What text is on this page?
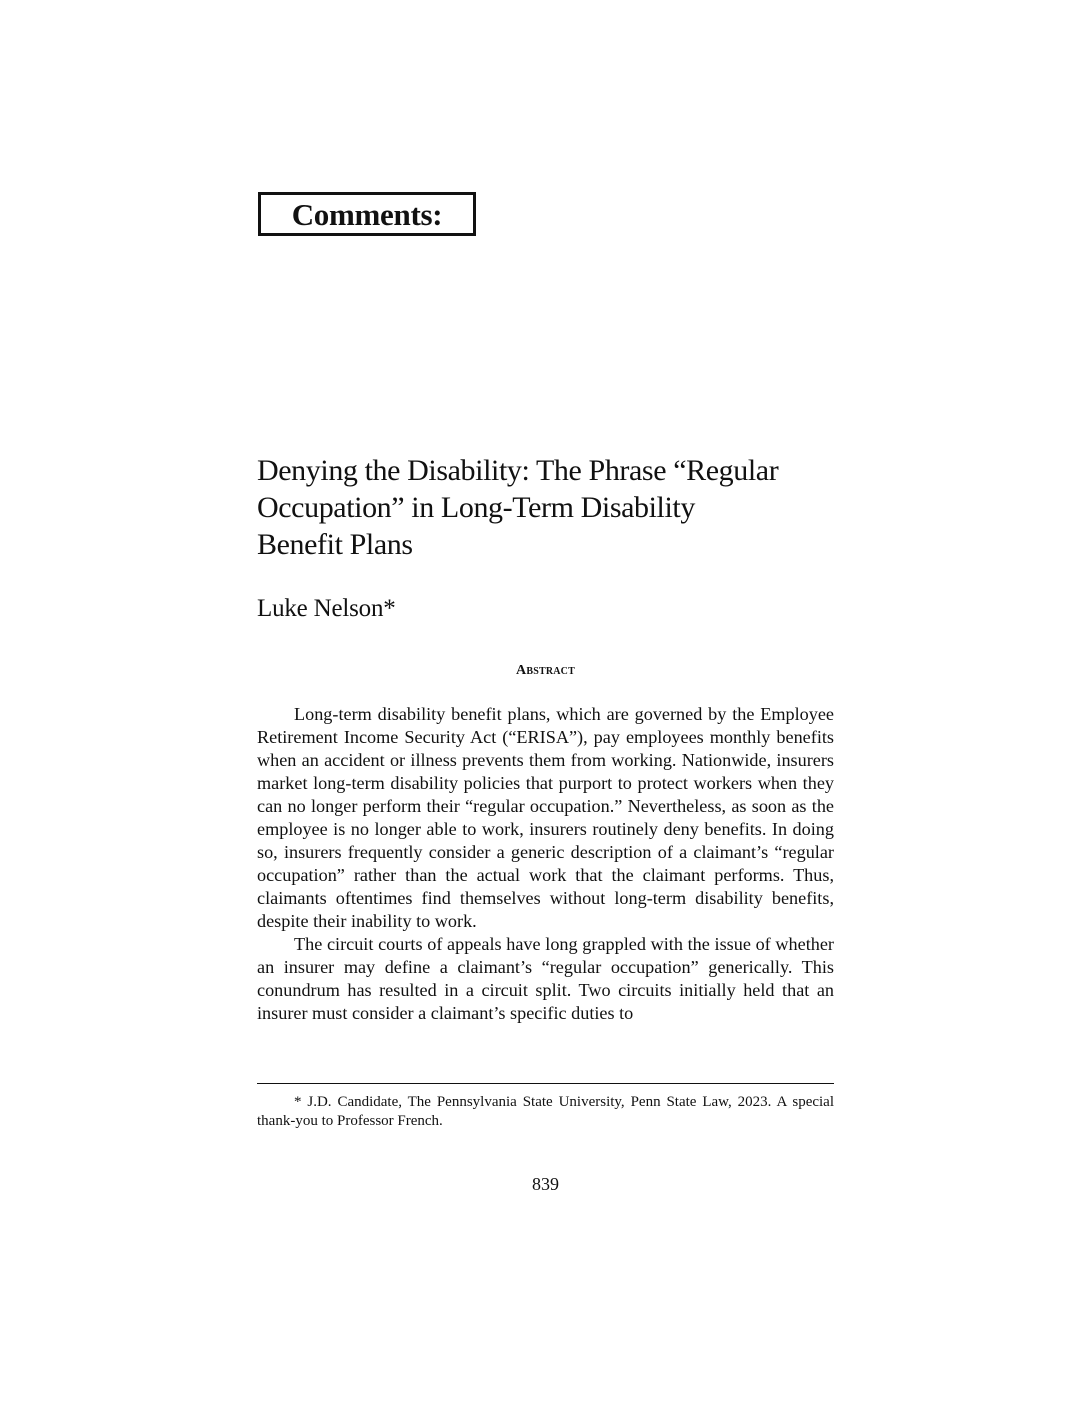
Comments:
Denying the Disability: The Phrase “Regular
Occupation” in Long-Term Disability
Benefit Plans
Luke Nelson*
Abstract

Long-term disability benefit plans, which are governed by the Employee Retirement Income Security Act (“ERISA”), pay employees monthly benefits when an accident or illness prevents them from working. Nationwide, insurers market long-term disability policies that purport to protect workers when they can no longer perform their “regular occupation.” Nevertheless, as soon as the employee is no longer able to work, insurers routinely deny benefits. In doing so, insurers frequently consider a generic description of a claimant’s “regular occupation” rather than the actual work that the claimant performs. Thus, claimants oftentimes find themselves without long-term disability benefits, despite their inability to work.

The circuit courts of appeals have long grappled with the issue of whether an insurer may define a claimant’s “regular occupation” generically. This conundrum has resulted in a circuit split. Two circuits initially held that an insurer must consider a claimant’s specific duties to

* J.D. Candidate, The Pennsylvania State University, Penn State Law, 2023. A special thank-you to Professor French.

839
